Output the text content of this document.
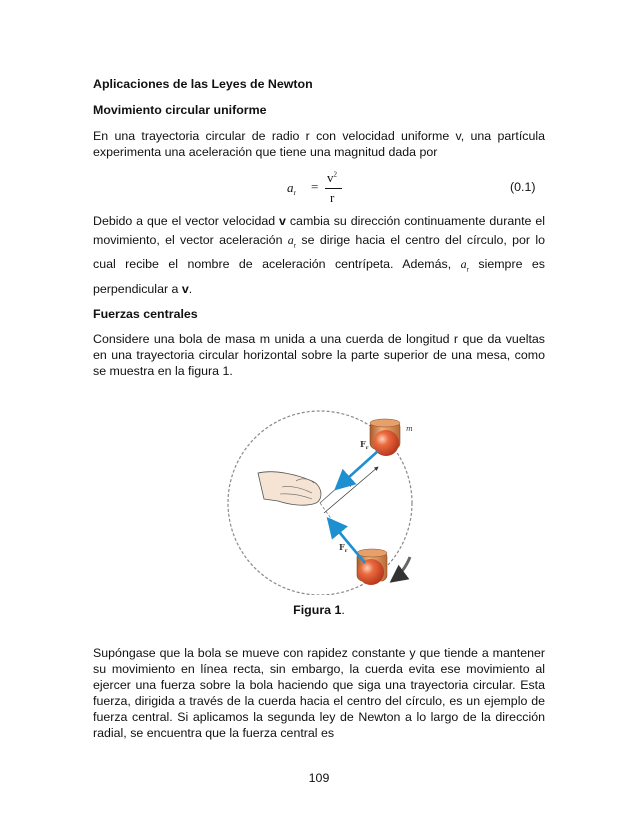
Aplicaciones de las Leyes de Newton
Movimiento circular uniforme
En una trayectoria circular de radio r con velocidad uniforme v, una partícula experimenta una aceleración que tiene una magnitud dada por
$a_r$ =
$v^2$
r
(0.1)
Debido a que el vector velocidad v cambia su dirección continuamente durante el movimiento, el vector aceleración $a_r$ se dirige hacia el centro del círculo, por lo cual recibe el nombre de aceleración centrípeta. Además, $a_r$ siempre es perpendicular a v.
Fuerzas centrales
Considere una bola de masa m unida a una cuerda de longitud r que da vueltas en una trayectoria circular horizontal sobre la parte superior de una mesa, como se muestra en la figura 1.
r
m
$F_r$
$F_r$
Figura 1.
Supóngase que la bola se mueve con rapidez constante y que tiende a mantener su movimiento en línea recta, sin embargo, la cuerda evita ese movimiento al ejercer una fuerza sobre la bola haciendo que siga una trayectoria circular. Esta fuerza, dirigida a través de la cuerda hacia el centro del círculo, es un ejemplo de fuerza central. Si aplicamos la segunda ley de Newton a lo largo de la dirección radial, se encuentra que la fuerza central es
109
